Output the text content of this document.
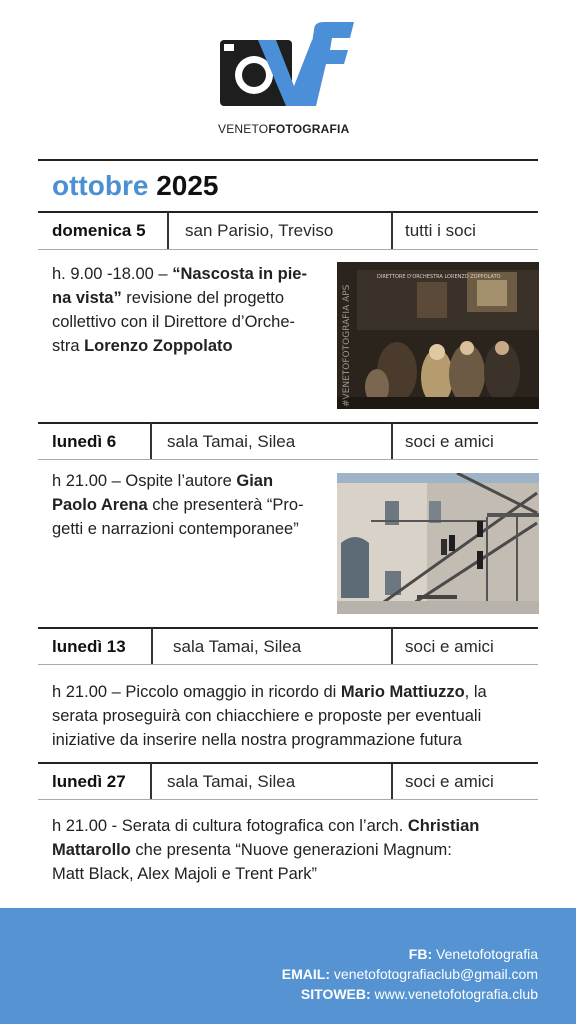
VENETOFOTOGRAFIA
ottobre 2025
domenica 5 san Parisio, Treviso	tutti i soci
h. 9.00 -18.00 – “Nascosta in pie-
na vista” revisione del progetto
collettivo con il Direttore d’Orche-
stra Lorenzo Zoppolato
DIRETTORE D'ORCHESTRA LORENZO ZOPPOLATO
#VENETOFOTOGRAFIA APS
lunedì 6	sala Tamai, Silea	soci e amici
h 21.00 – Ospite l’autore Gian
Paolo Arena che presenterà “Pro-
getti e narrazioni contemporanee”
lunedì 13	sala Tamai, Silea	soci e amici
h 21.00 – Piccolo omaggio in ricordo di Mario Mattiuzzo, la
serata proseguirà con chiacchiere e proposte per eventuali
iniziative da inserire nella nostra programmazione futura
lunedì 27 sala Tamai, Silea	soci e amici
h 21.00 - Serata di cultura fotografica con l’arch. Christian
Mattarollo che presenta “Nuove generazioni Magnum:
Matt Black, Alex Majoli e Trent Park”
FB: Venetofotografia
EMAIL: venetofotografiaclub@gmail.com
SITOWEB: www.venetofotografia.club
